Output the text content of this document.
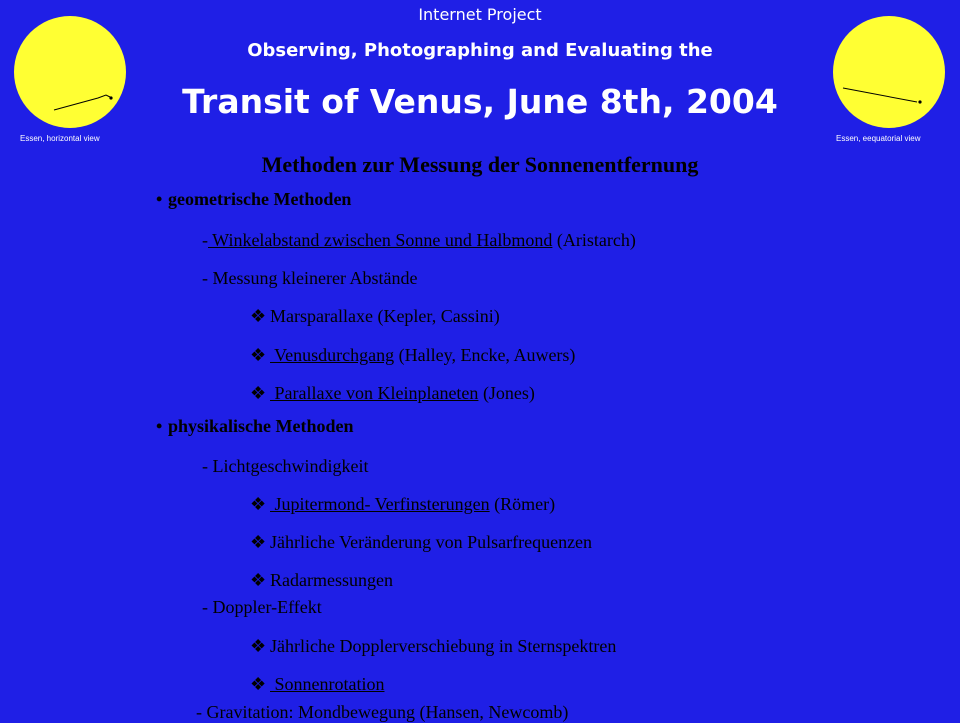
Essen, horizontal view	Essen, eequatorial view
Internet Project
Observing, Photographing and Evaluating the
Transit of Venus, June 8th, 2004
Methoden zur Messung der Sonnenentfernung
• geometrische Methoden
- Winkelabstand zwischen Sonne und Halbmond (Aristarch)
- Messung kleinerer Abstände
❖ Marsparallaxe (Kepler, Cassini)
❖ Venusdurchgang (Halley, Encke, Auwers)
❖ Parallaxe von Kleinplaneten (Jones)
• physikalische Methoden
- Lichtgeschwindigkeit
❖ Jupitermond- Verfinsterungen (Römer)
❖ Jährliche Veränderung von Pulsarfrequenzen
❖ Radarmessungen
- Doppler-Effekt
❖ Jährliche Dopplerverschiebung in Sternspektren
❖ Sonnenrotation
- Gravitation: Mondbewegung (Hansen, Newcomb)
